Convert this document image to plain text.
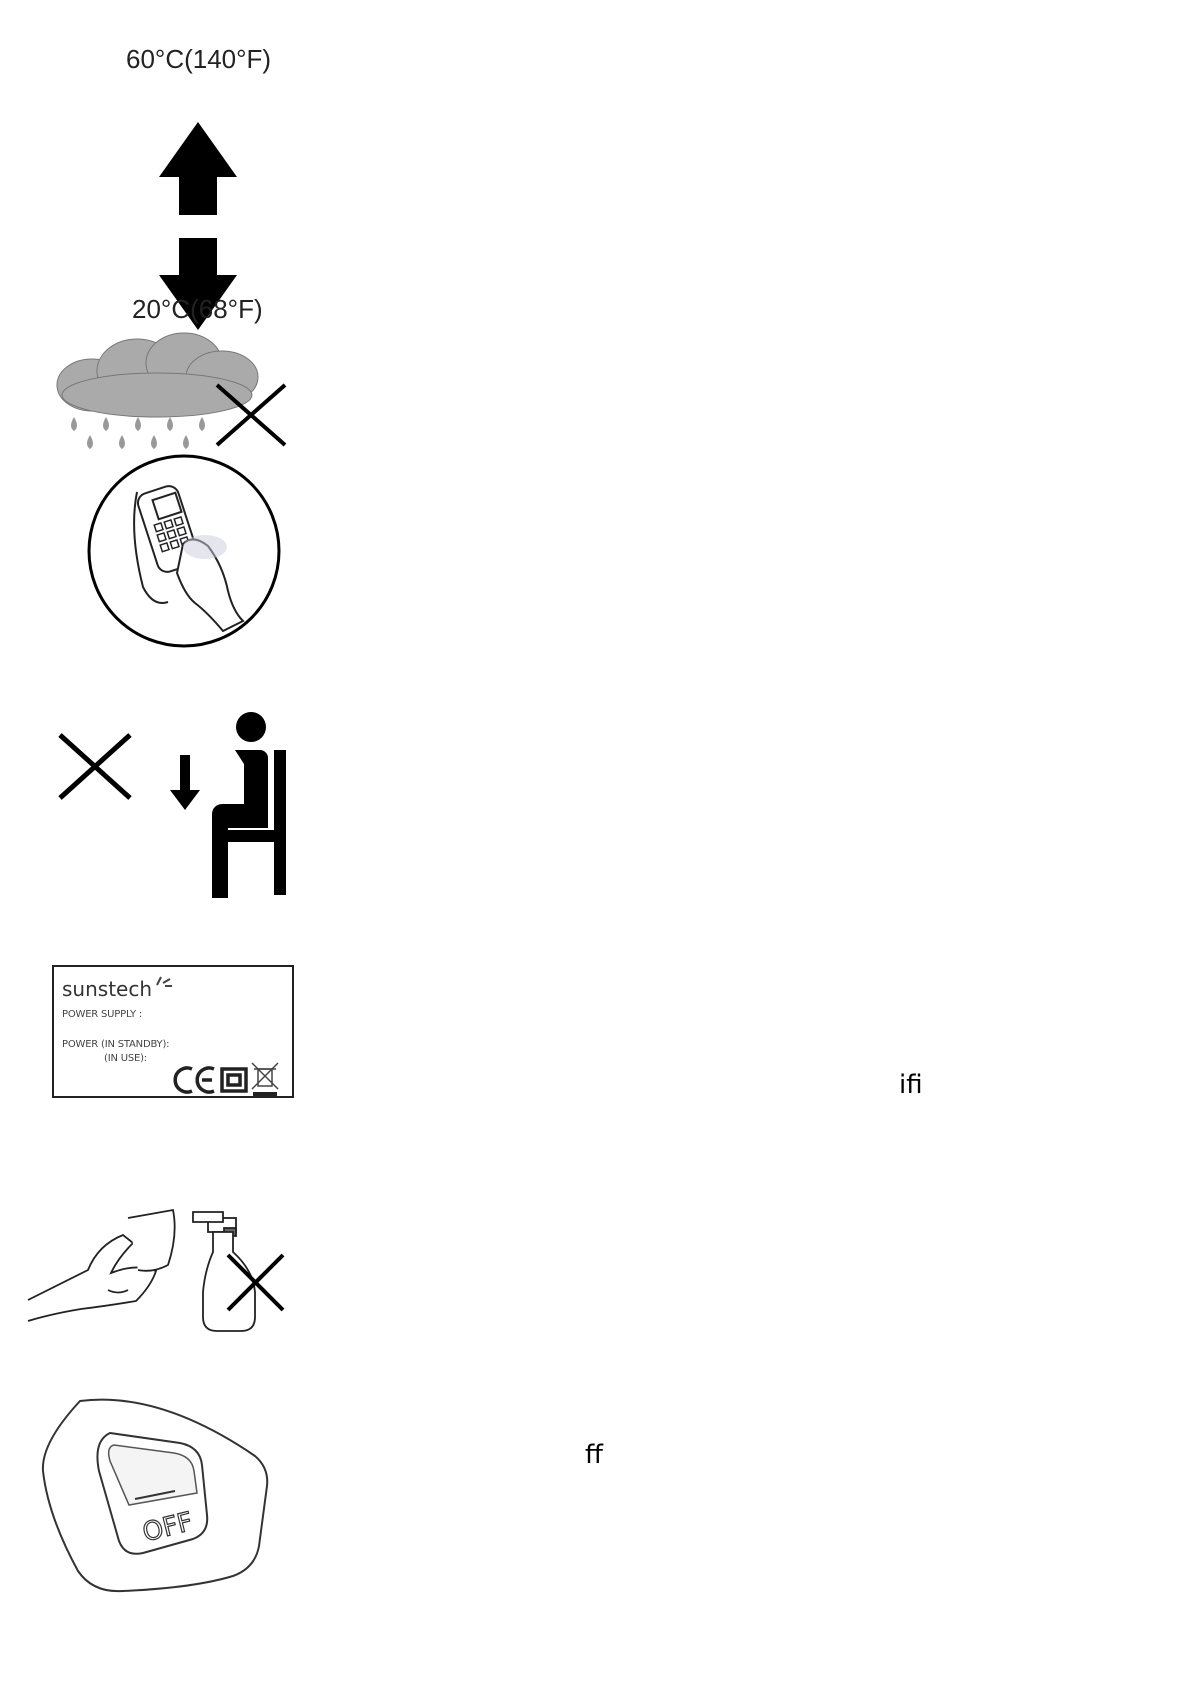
60°C(140°F)
20°C(68°F)
sunstech
POWER SUPPLY :
POWER (IN STANDBY):
(IN USE):
ifi
OFF
ff
